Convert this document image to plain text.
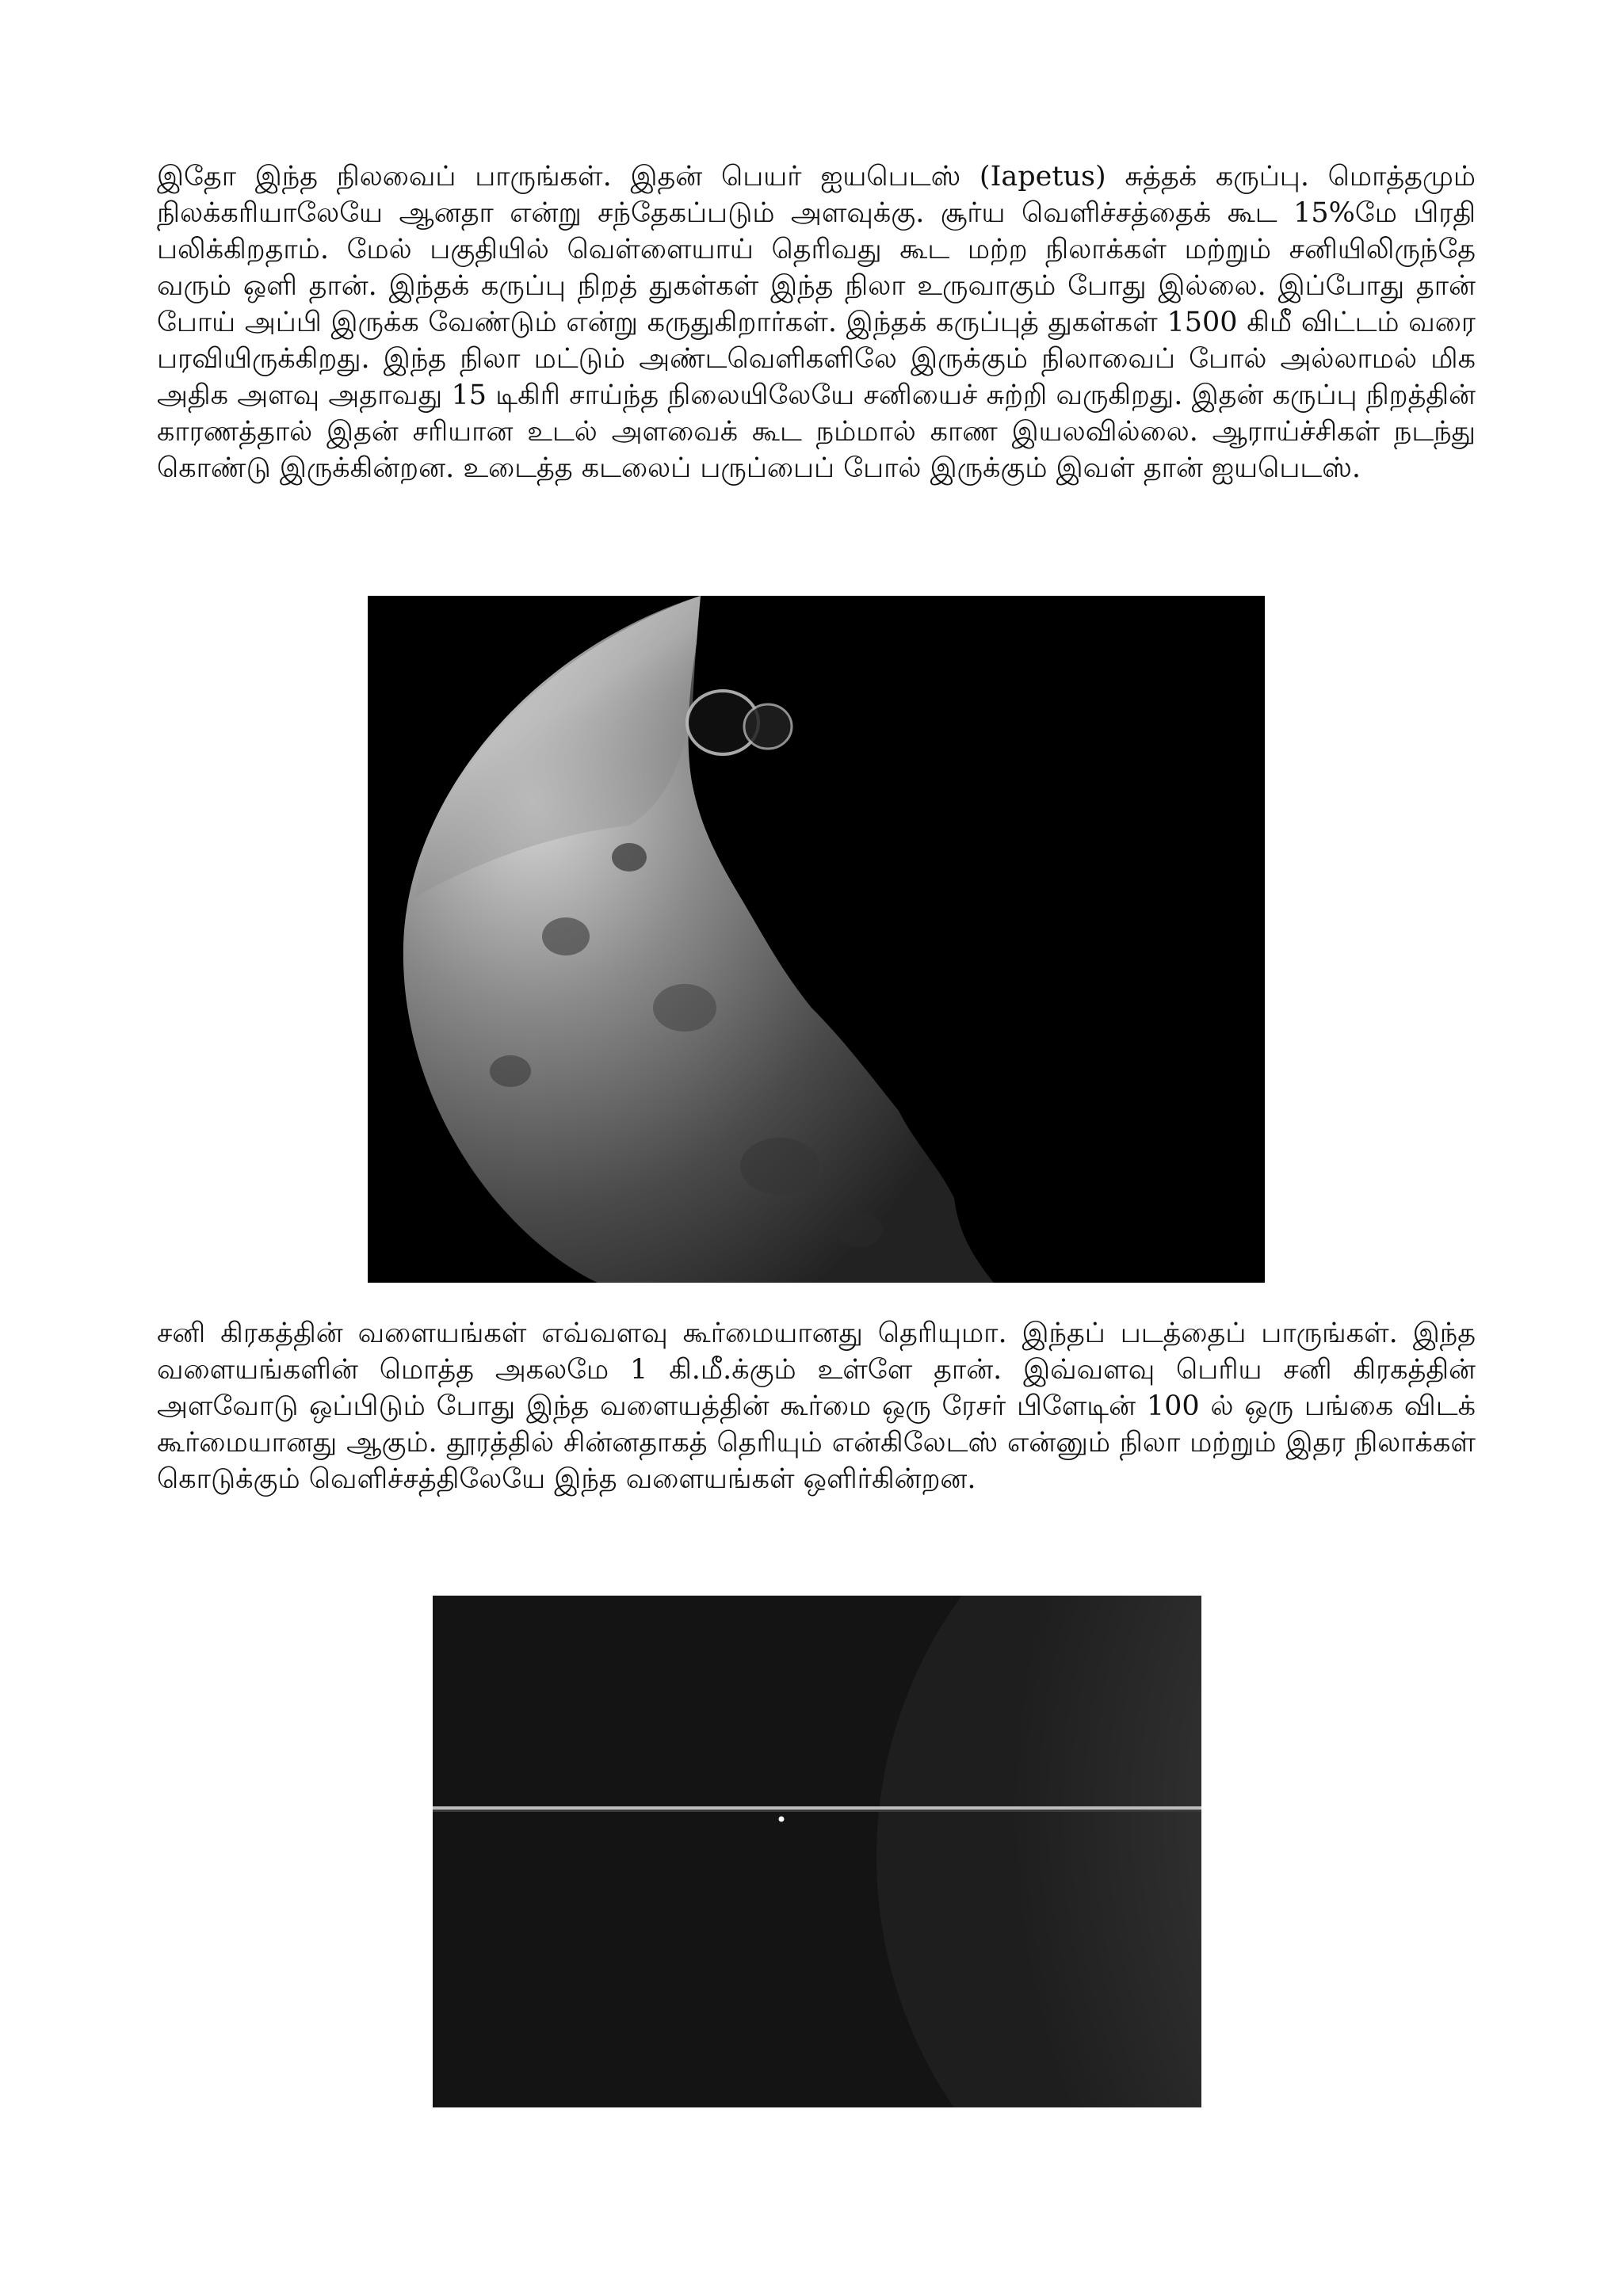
இதோ இந்த நிலவைப் பாருங்கள். இதன் பெயர் ஐயபெடஸ் (Iapetus) சுத்தக் கருப்பு. மொத்தமும் நிலக்கரியாலேயே ஆனதா என்று சந்தேகப்படும் அளவுக்கு. சூர்ய வெளிச்சத்தைக் கூட 15%மே பிரதி பலிக்கிறதாம். மேல் பகுதியில் வெள்ளையாய் தெரிவது கூட மற்ற நிலாக்கள் மற்றும் சனியிலிருந்தே வரும் ஒளி தான். இந்தக் கருப்பு நிறத் துகள்கள் இந்த நிலா உருவாகும் போது இல்லை. இப்போது தான் போய் அப்பி இருக்க வேண்டும் என்று கருதுகிறார்கள். இந்தக் கருப்புத் துகள்கள் 1500 கிமீ விட்டம் வரை பரவியிருக்கிறது. இந்த நிலா மட்டும் அண்டவெளிகளிலே இருக்கும் நிலாவைப் போல் அல்லாமல் மிக அதிக அளவு அதாவது 15 டிகிரி சாய்ந்த நிலையிலேயே சனியைச் சுற்றி வருகிறது. இதன் கருப்பு நிறத்தின் காரணத்தால் இதன் சரியான உடல் அளவைக் கூட நம்மால் காண இயலவில்லை. ஆராய்ச்சிகள் நடந்து கொண்டு இருக்கின்றன. உடைத்த கடலைப் பருப்பைப் போல் இருக்கும் இவள் தான் ஐயபெடஸ்.

சனி கிரகத்தின் வளையங்கள் எவ்வளவு கூர்மையானது தெரியுமா. இந்தப் படத்தைப் பாருங்கள். இந்த வளையங்களின் மொத்த அகலமே 1 கி.மீ.க்கும் உள்ளே தான். இவ்வளவு பெரிய சனி கிரகத்தின் அளவோடு ஒப்பிடும் போது இந்த வளையத்தின் கூர்மை ஒரு ரேசர் பிளேடின் 100 ல் ஒரு பங்கை விடக் கூர்மையானது ஆகும். தூரத்தில் சின்னதாகத் தெரியும் என்கிலேடஸ் என்னும் நிலா மற்றும் இதர நிலாக்கள் கொடுக்கும் வெளிச்சத்திலேயே இந்த வளையங்கள் ஒளிர்கின்றன.
